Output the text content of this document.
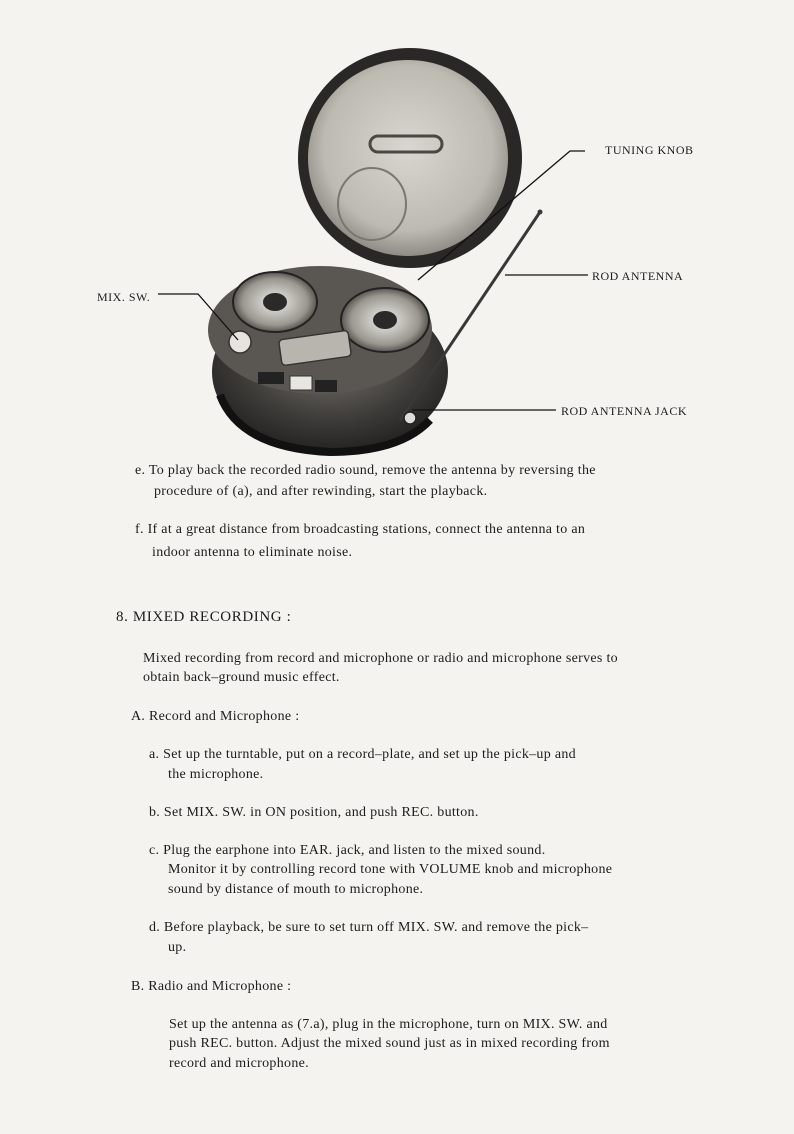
TUNING KNOB
ROD ANTENNA
MIX. SW.
ROD ANTENNA JACK
e. To play back the recorded radio sound, remove the antenna by reversing the
procedure of (a), and after rewinding, start the playback.
f. If at a great distance from broadcasting stations, connect the antenna to an
indoor antenna to eliminate noise.
8. MIXED RECORDING :
Mixed recording from record and microphone or radio and microphone serves to
obtain back–ground music effect.
A. Record and Microphone :
a. Set up the turntable, put on a record–plate, and set up the pick–up and
the microphone.
b. Set MIX. SW. in ON position, and push REC. button.
c. Plug the earphone into EAR. jack, and listen to the mixed sound.
Monitor it by controlling record tone with VOLUME knob and microphone
sound by distance of mouth to microphone.
d. Before playback, be sure to set turn off MIX. SW. and remove the pick–
up.
B. Radio and Microphone :
Set up the antenna as (7.a), plug in the microphone, turn on MIX. SW. and
push REC. button. Adjust the mixed sound just as in mixed recording from
record and microphone.
